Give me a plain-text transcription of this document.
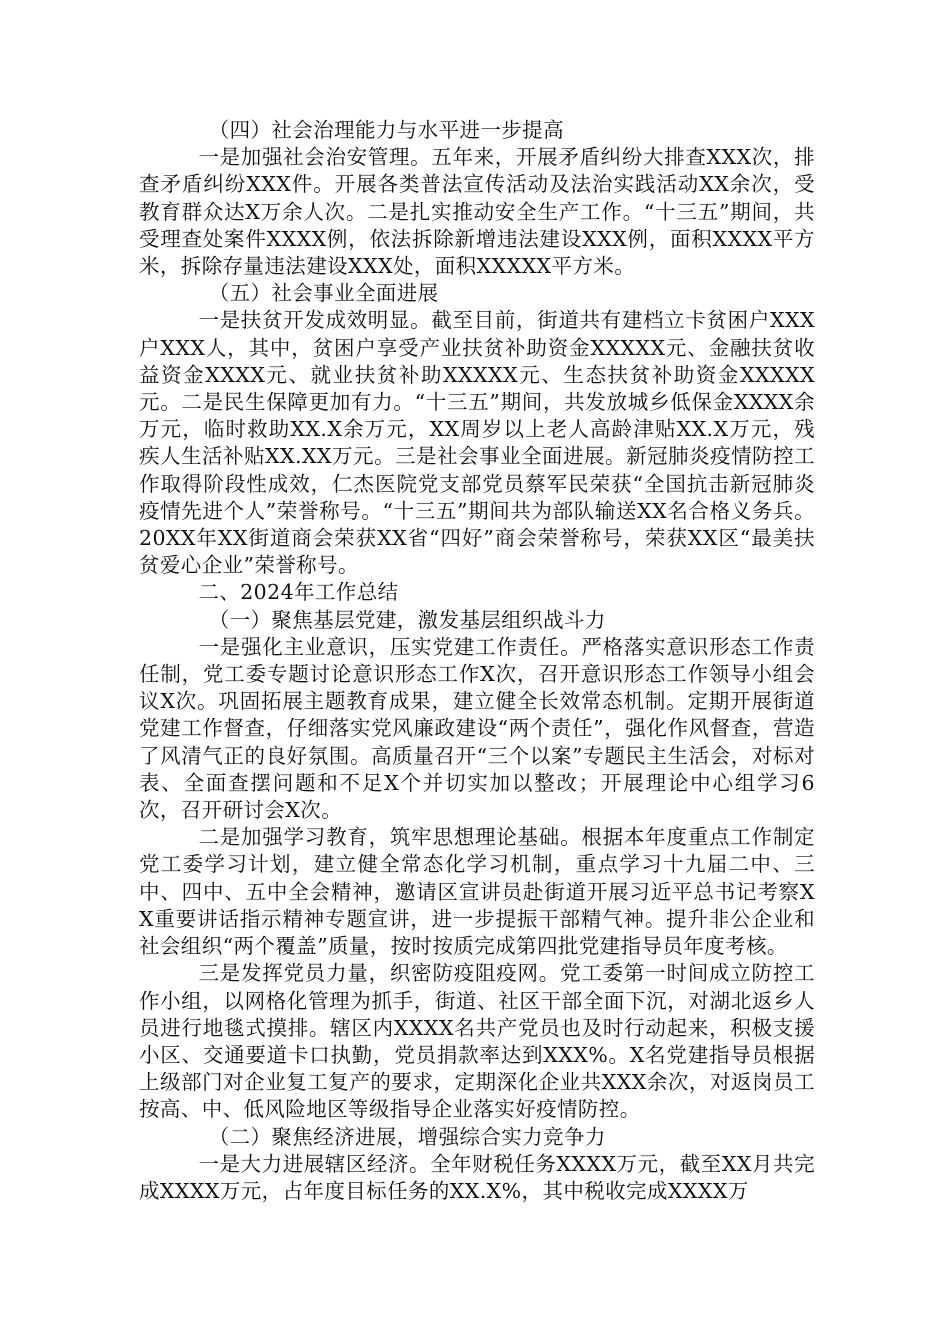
（四）社会治理能力与水平进一步提高

一是加强社会治安管理。五年来，开展矛盾纠纷大排查XXX次，排查矛盾纠纷XXX件。开展各类普法宣传活动及法治实践活动XX余次，受教育群众达X万余人次。二是扎实推动安全生产工作。“十三五”期间，共受理查处案件XXXX例，依法拆除新增违法建设XXX例，面积XXXX平方米，拆除存量违法建设XXX处，面积XXXXX平方米。

（五）社会事业全面进展

一是扶贫开发成效明显。截至目前，街道共有建档立卡贫困户XXX户XXX人，其中，贫困户享受产业扶贫补助资金XXXXX元、金融扶贫收益资金XXXX元、就业扶贫补助XXXXX元、生态扶贫补助资金XXXXX元。二是民生保障更加有力。“十三五”期间，共发放城乡低保金XXXX余万元，临时救助XX.X余万元，XX周岁以上老人高龄津贴XX.X万元，残疾人生活补贴XX.XX万元。三是社会事业全面进展。新冠肺炎疫情防控工作取得阶段性成效，仁杰医院党支部党员蔡军民荣获“全国抗击新冠肺炎疫情先进个人”荣誉称号。“十三五”期间共为部队输送XX名合格义务兵。20XX年XX街道商会荣获XX省“四好”商会荣誉称号，荣获XX区“最美扶贫爱心企业”荣誉称号。

二、2024年工作总结

（一）聚焦基层党建，激发基层组织战斗力

一是强化主业意识，压实党建工作责任。严格落实意识形态工作责任制，党工委专题讨论意识形态工作X次，召开意识形态工作领导小组会议X次。巩固拓展主题教育成果，建立健全长效常态机制。定期开展街道党建工作督查，仔细落实党风廉政建设“两个责任”，强化作风督查，营造了风清气正的良好氛围。高质量召开“三个以案”专题民主生活会，对标对表、全面查摆问题和不足X个并切实加以整改；开展理论中心组学习6次，召开研讨会X次。

二是加强学习教育，筑牢思想理论基础。根据本年度重点工作制定党工委学习计划，建立健全常态化学习机制，重点学习十九届二中、三中、四中、五中全会精神，邀请区宣讲员赴街道开展习近平总书记考察XX重要讲话指示精神专题宣讲，进一步提振干部精气神。提升非公企业和社会组织“两个覆盖”质量，按时按质完成第四批党建指导员年度考核。

三是发挥党员力量，织密防疫阻疫网。党工委第一时间成立防控工作小组，以网格化管理为抓手，街道、社区干部全面下沉，对湖北返乡人员进行地毯式摸排。辖区内XXXX名共产党员也及时行动起来，积极支援小区、交通要道卡口执勤，党员捐款率达到XXX%。X名党建指导员根据上级部门对企业复工复产的要求，定期深化企业共XXX余次，对返岗员工按高、中、低风险地区等级指导企业落实好疫情防控。

（二）聚焦经济进展，增强综合实力竞争力

一是大力进展辖区经济。全年财税任务XXXX万元，截至XX月共完成XXXX万元，占年度目标任务的XX.X%，其中税收完成XXXX万
